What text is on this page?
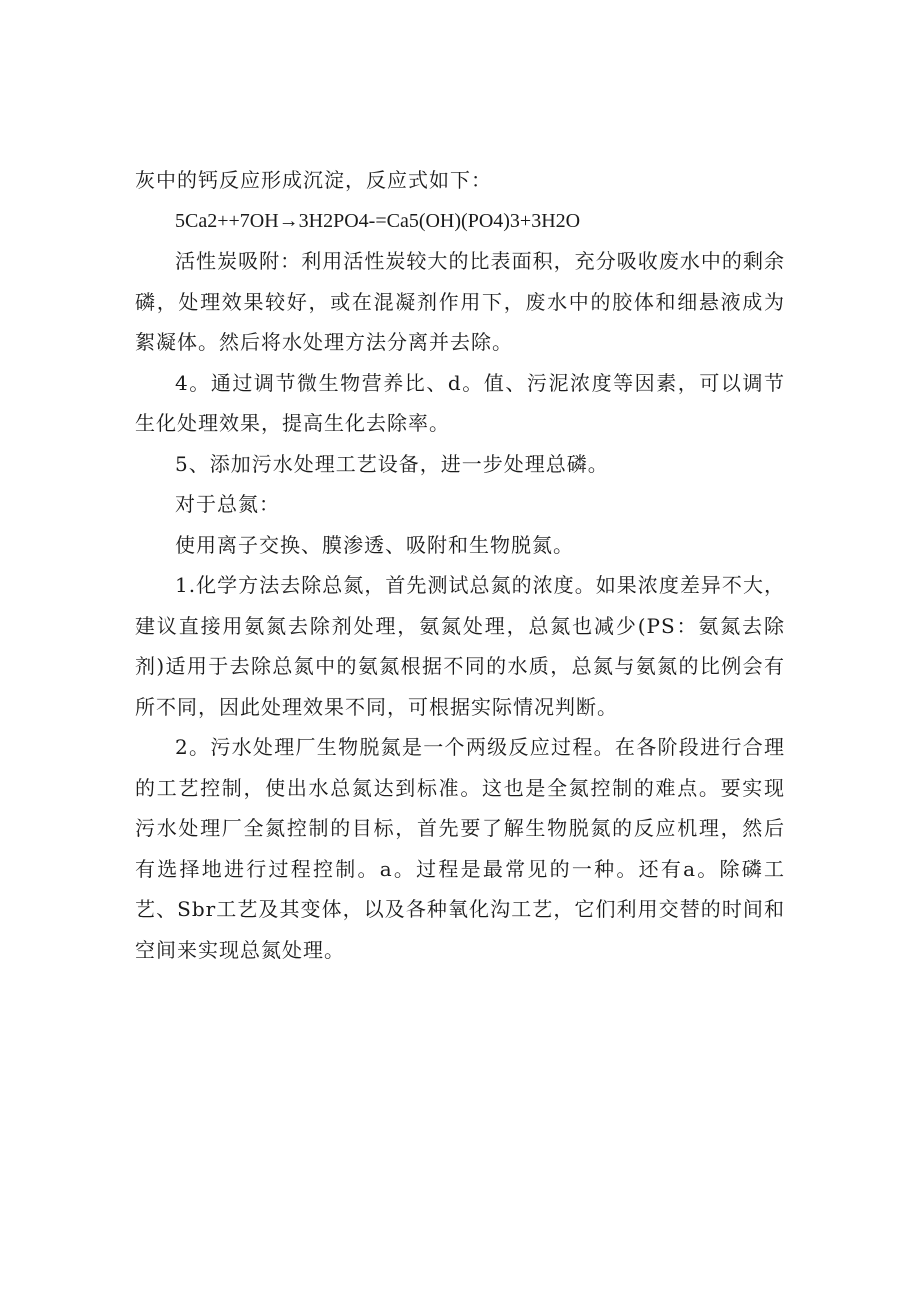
灰中的钙反应形成沉淀，反应式如下：

5Ca2++7OH→3H2PO4-=Ca5(OH)(PO4)3+3H2O

活性炭吸附：利用活性炭较大的比表面积，充分吸收废水中的剩余磷，处理效果较好，或在混凝剂作用下，废水中的胶体和细悬液成为絮凝体。然后将水处理方法分离并去除。

4。通过调节微生物营养比、d。值、污泥浓度等因素，可以调节生化处理效果，提高生化去除率。

5、添加污水处理工艺设备，进一步处理总磷。

对于总氮：

使用离子交换、膜渗透、吸附和生物脱氮。

1.化学方法去除总氮，首先测试总氮的浓度。如果浓度差异不大，建议直接用氨氮去除剂处理，氨氮处理，总氮也减少(PS：氨氮去除剂)适用于去除总氮中的氨氮根据不同的水质，总氮与氨氮的比例会有所不同，因此处理效果不同，可根据实际情况判断。

2。污水处理厂生物脱氮是一个两级反应过程。在各阶段进行合理的工艺控制，使出水总氮达到标准。这也是全氮控制的难点。要实现污水处理厂全氮控制的目标，首先要了解生物脱氮的反应机理，然后有选择地进行过程控制。a。过程是最常见的一种。还有a。除磷工艺、Sbr工艺及其变体，以及各种氧化沟工艺，它们利用交替的时间和空间来实现总氮处理。
